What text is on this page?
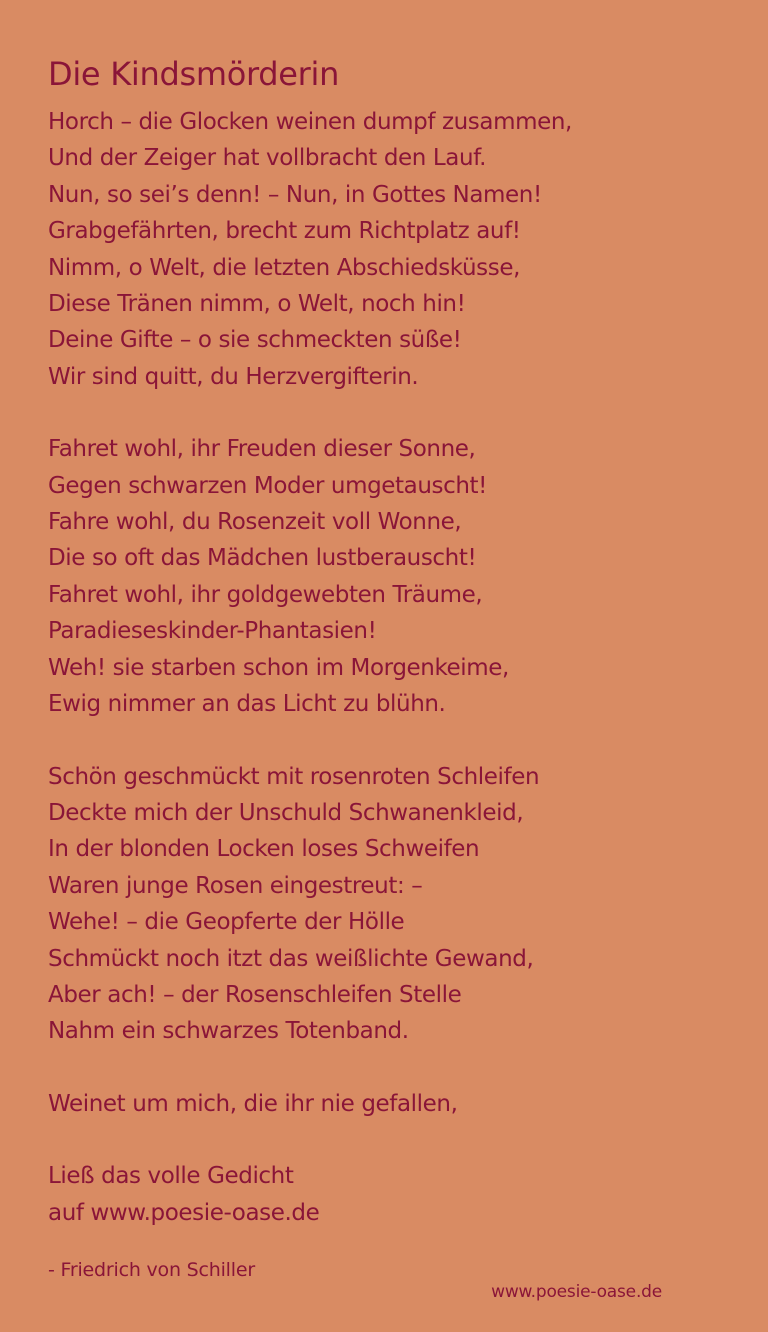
Die Kindsmörderin
Horch – die Glocken weinen dumpf zusammen,
Und der Zeiger hat vollbracht den Lauf.
Nun, so sei’s denn! – Nun, in Gottes Namen!
Grabgefährten, brecht zum Richtplatz auf!
Nimm, o Welt, die letzten Abschiedsküsse,
Diese Tränen nimm, o Welt, noch hin!
Deine Gifte – o sie schmeckten süße!
Wir sind quitt, du Herzvergifterin.
Fahret wohl, ihr Freuden dieser Sonne,
Gegen schwarzen Moder umgetauscht!
Fahre wohl, du Rosenzeit voll Wonne,
Die so oft das Mädchen lustberauscht!
Fahret wohl, ihr goldgewebten Träume,
Paradieseskinder-Phantasien!
Weh! sie starben schon im Morgenkeime,
Ewig nimmer an das Licht zu blühn.
Schön geschmückt mit rosenroten Schleifen
Deckte mich der Unschuld Schwanenkleid,
In der blonden Locken loses Schweifen
Waren junge Rosen eingestreut: –
Wehe! – die Geopferte der Hölle
Schmückt noch itzt das weißlichte Gewand,
Aber ach! – der Rosenschleifen Stelle
Nahm ein schwarzes Totenband.
Weinet um mich, die ihr nie gefallen,
Ließ das volle Gedicht
auf www.poesie-oase.de
- Friedrich von Schiller
www.poesie-oase.de
